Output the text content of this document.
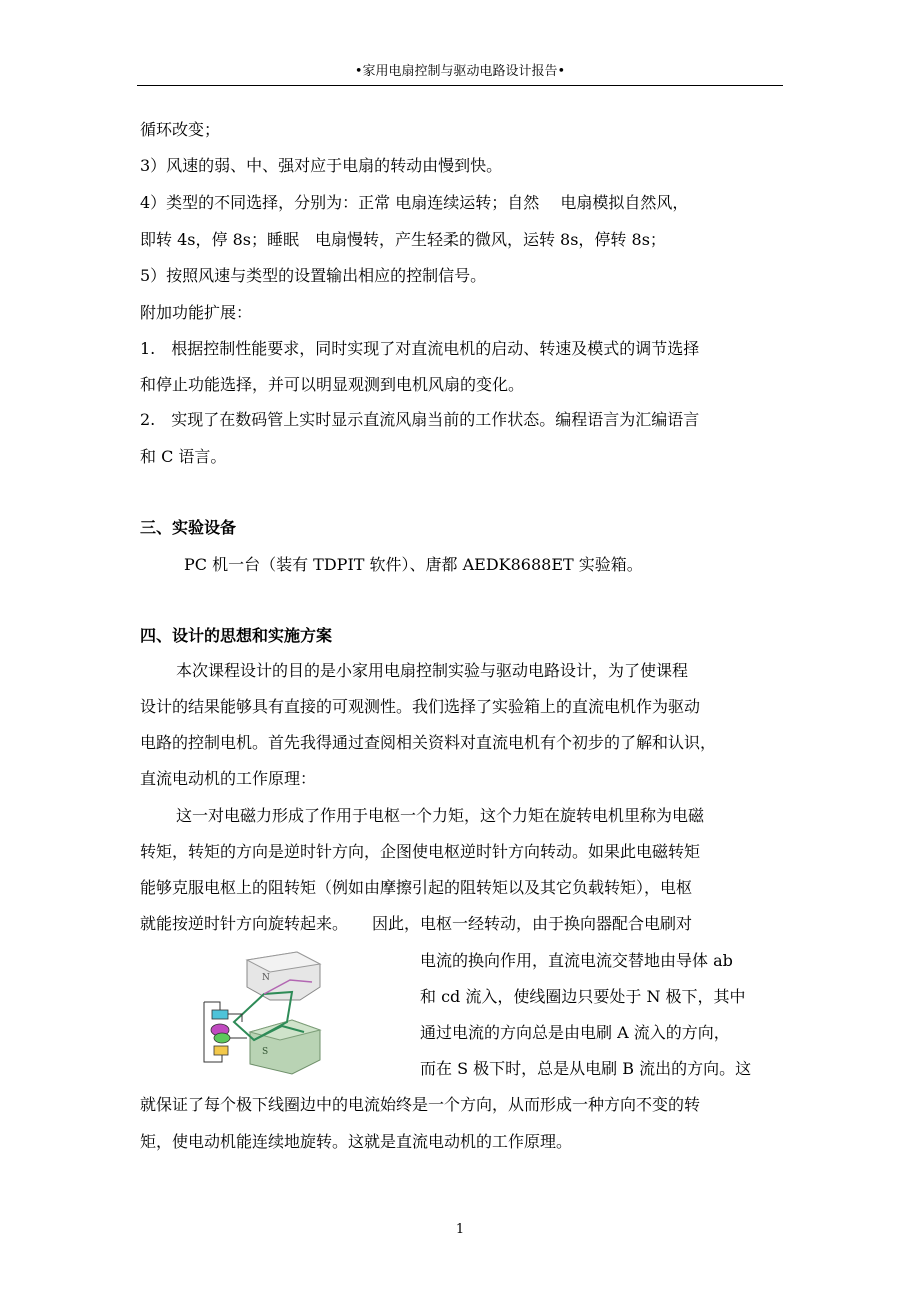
•家用电扇控制与驱动电路设计报告•
循环改变；
3）风速的弱、中、强对应于电扇的转动由慢到快。
4）类型的不同选择，分别为：正常 电扇连续运转；自然　 电扇模拟自然风，
即转 4s，停 8s；睡眠　电扇慢转，产生轻柔的微风，运转 8s，停转 8s；
5）按照风速与类型的设置输出相应的控制信号。
附加功能扩展：
1.　根据控制性能要求，同时实现了对直流电机的启动、转速及模式的调节选择
和停止功能选择，并可以明显观测到电机风扇的变化。
2.　实现了在数码管上实时显示直流风扇当前的工作状态。编程语言为汇编语言
和 C 语言。
三、实验设备
PC 机一台（装有 TDPIT 软件）、唐都 AEDK8688ET 实验箱。
四、设计的思想和实施方案
本次课程设计的目的是小家用电扇控制实验与驱动电路设计，为了使课程
设计的结果能够具有直接的可观测性。我们选择了实验箱上的直流电机作为驱动
电路的控制电机。首先我得通过查阅相关资料对直流电机有个初步的了解和认识，
直流电动机的工作原理：
这一对电磁力形成了作用于电枢一个力矩，这个力矩在旋转电机里称为电磁
转矩，转矩的方向是逆时针方向，企图使电枢逆时针方向转动。如果此电磁转矩
能够克服电枢上的阻转矩（例如由摩擦引起的阻转矩以及其它负载转矩），电枢
就能按逆时针方向旋转起来。　　因此，电枢一经转动，由于换向器配合电刷对
电流的换向作用，直流电流交替地由导体 ab
和 cd 流入，使线圈边只要处于 N 极下，其中
通过电流的方向总是由电刷 A 流入的方向，
而在 S 极下时，总是从电刷 B 流出的方向。这
就保证了每个极下线圈边中的电流始终是一个方向，从而形成一种方向不变的转
矩，使电动机能连续地旋转。这就是直流电动机的工作原理。
N
S
1
